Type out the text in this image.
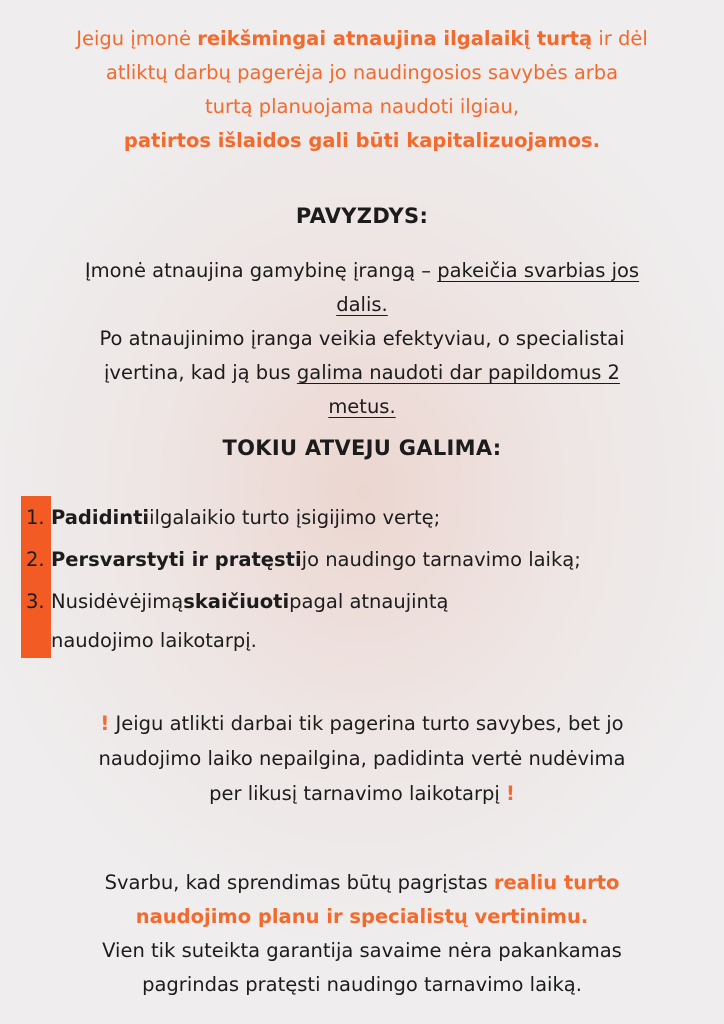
Jeigu įmonė reikšmingai atnaujina ilgalaikį turtą ir dėl
atliktų darbų pagerėja jo naudingosios savybės arba
turtą planuojama naudoti ilgiau,
patirtos išlaidos gali būti kapitalizuojamos.
PAVYZDYS:
Įmonė atnaujina gamybinę įrangą – pakeičia svarbias jos
dalis.
Po atnaujinimo įranga veikia efektyviau, o specialistai
įvertina, kad ją bus galima naudoti dar papildomus 2
metus.
TOKIU ATVEJU GALIMA:
1. Padidinti ilgalaikio turto įsigijimo vertę;
2. Persvarstyti ir pratęsti jo naudingo tarnavimo laiką;
3. Nusidėvėjimą skaičiuoti pagal atnaujintą
naudojimo laikotarpį.
! Jeigu atlikti darbai tik pagerina turto savybes, bet jo
naudojimo laiko nepailgina, padidinta vertė nudėvima
per likusį tarnavimo laikotarpį !
Svarbu, kad sprendimas būtų pagrįstas realiu turto
naudojimo planu ir specialistų vertinimu.
Vien tik suteikta garantija savaime nėra pakankamas
pagrindas pratęsti naudingo tarnavimo laiką.
